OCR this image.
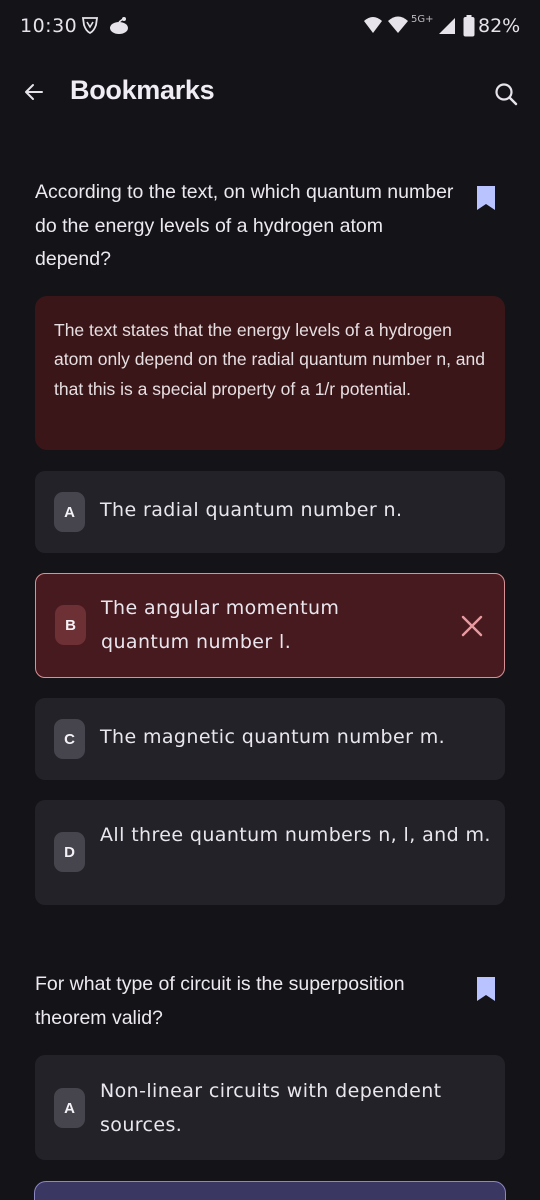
10:30	5G+ 82%
Bookmarks
According to the text, on which quantum number do the energy levels of a hydrogen atom depend?
The text states that the energy levels of a hydrogen atom only depend on the radial quantum number n, and that this is a special property of a 1/r potential.
A	The radial quantum number n.
B
The angular momentum quantum number l.
C	The magnetic quantum number m.
D
All three quantum numbers n, l, and m.
For what type of circuit is the superposition theorem valid?
A
Non-linear circuits with dependent sources.
